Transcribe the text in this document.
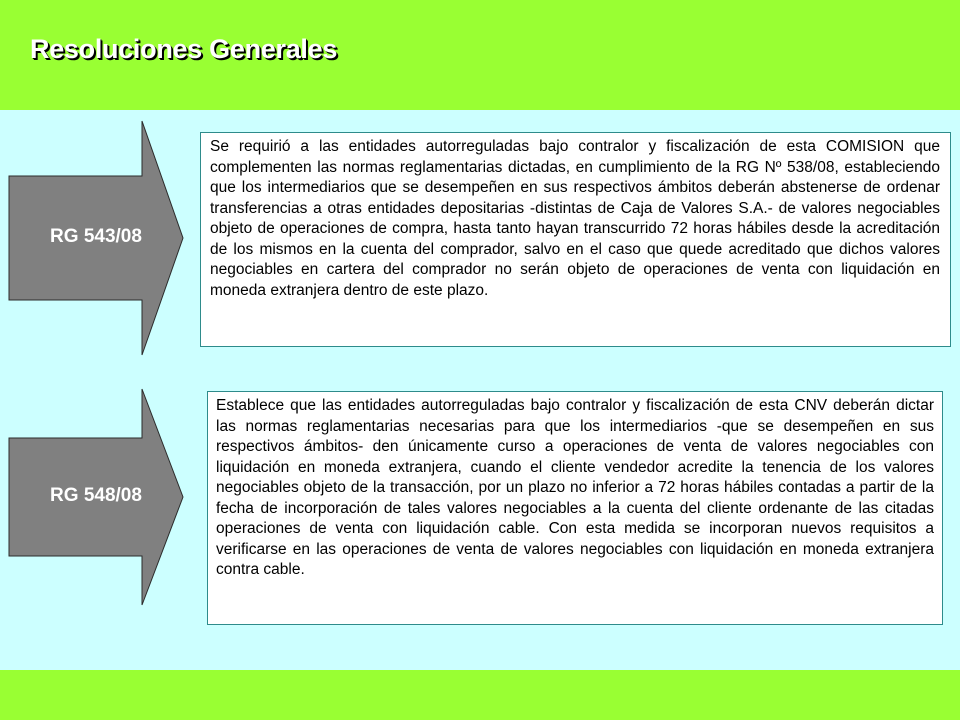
Resoluciones Generales
RG 543/08
Se requirió a las entidades autorreguladas bajo contralor y fiscalización de esta COMISION que complementen las normas reglamentarias dictadas, en cumplimiento de la RG Nº 538/08, estableciendo que los intermediarios que se desempeñen en sus respectivos ámbitos deberán abstenerse de ordenar transferencias a otras entidades depositarias -distintas de Caja de Valores S.A.- de valores negociables objeto de operaciones de compra, hasta tanto hayan transcurrido 72 horas hábiles desde la acreditación de los mismos en la cuenta del comprador, salvo en el caso que quede acreditado que dichos valores negociables en cartera del comprador no serán objeto de operaciones de venta con liquidación en moneda extranjera dentro de este plazo.
RG 548/08
Establece que las entidades autorreguladas bajo contralor y fiscalización de esta CNV deberán dictar las normas reglamentarias necesarias para que los intermediarios -que se desempeñen en sus respectivos ámbitos- den únicamente curso a operaciones de venta de valores negociables con liquidación en moneda extranjera, cuando el cliente vendedor acredite la tenencia de los valores negociables objeto de la transacción, por un plazo no inferior a 72 horas hábiles contadas a partir de la fecha de incorporación de tales valores negociables a la cuenta del cliente ordenante de las citadas operaciones de venta con liquidación cable. Con esta medida se incorporan nuevos requisitos a verificarse en las operaciones de venta de valores negociables con liquidación en moneda extranjera contra cable.
